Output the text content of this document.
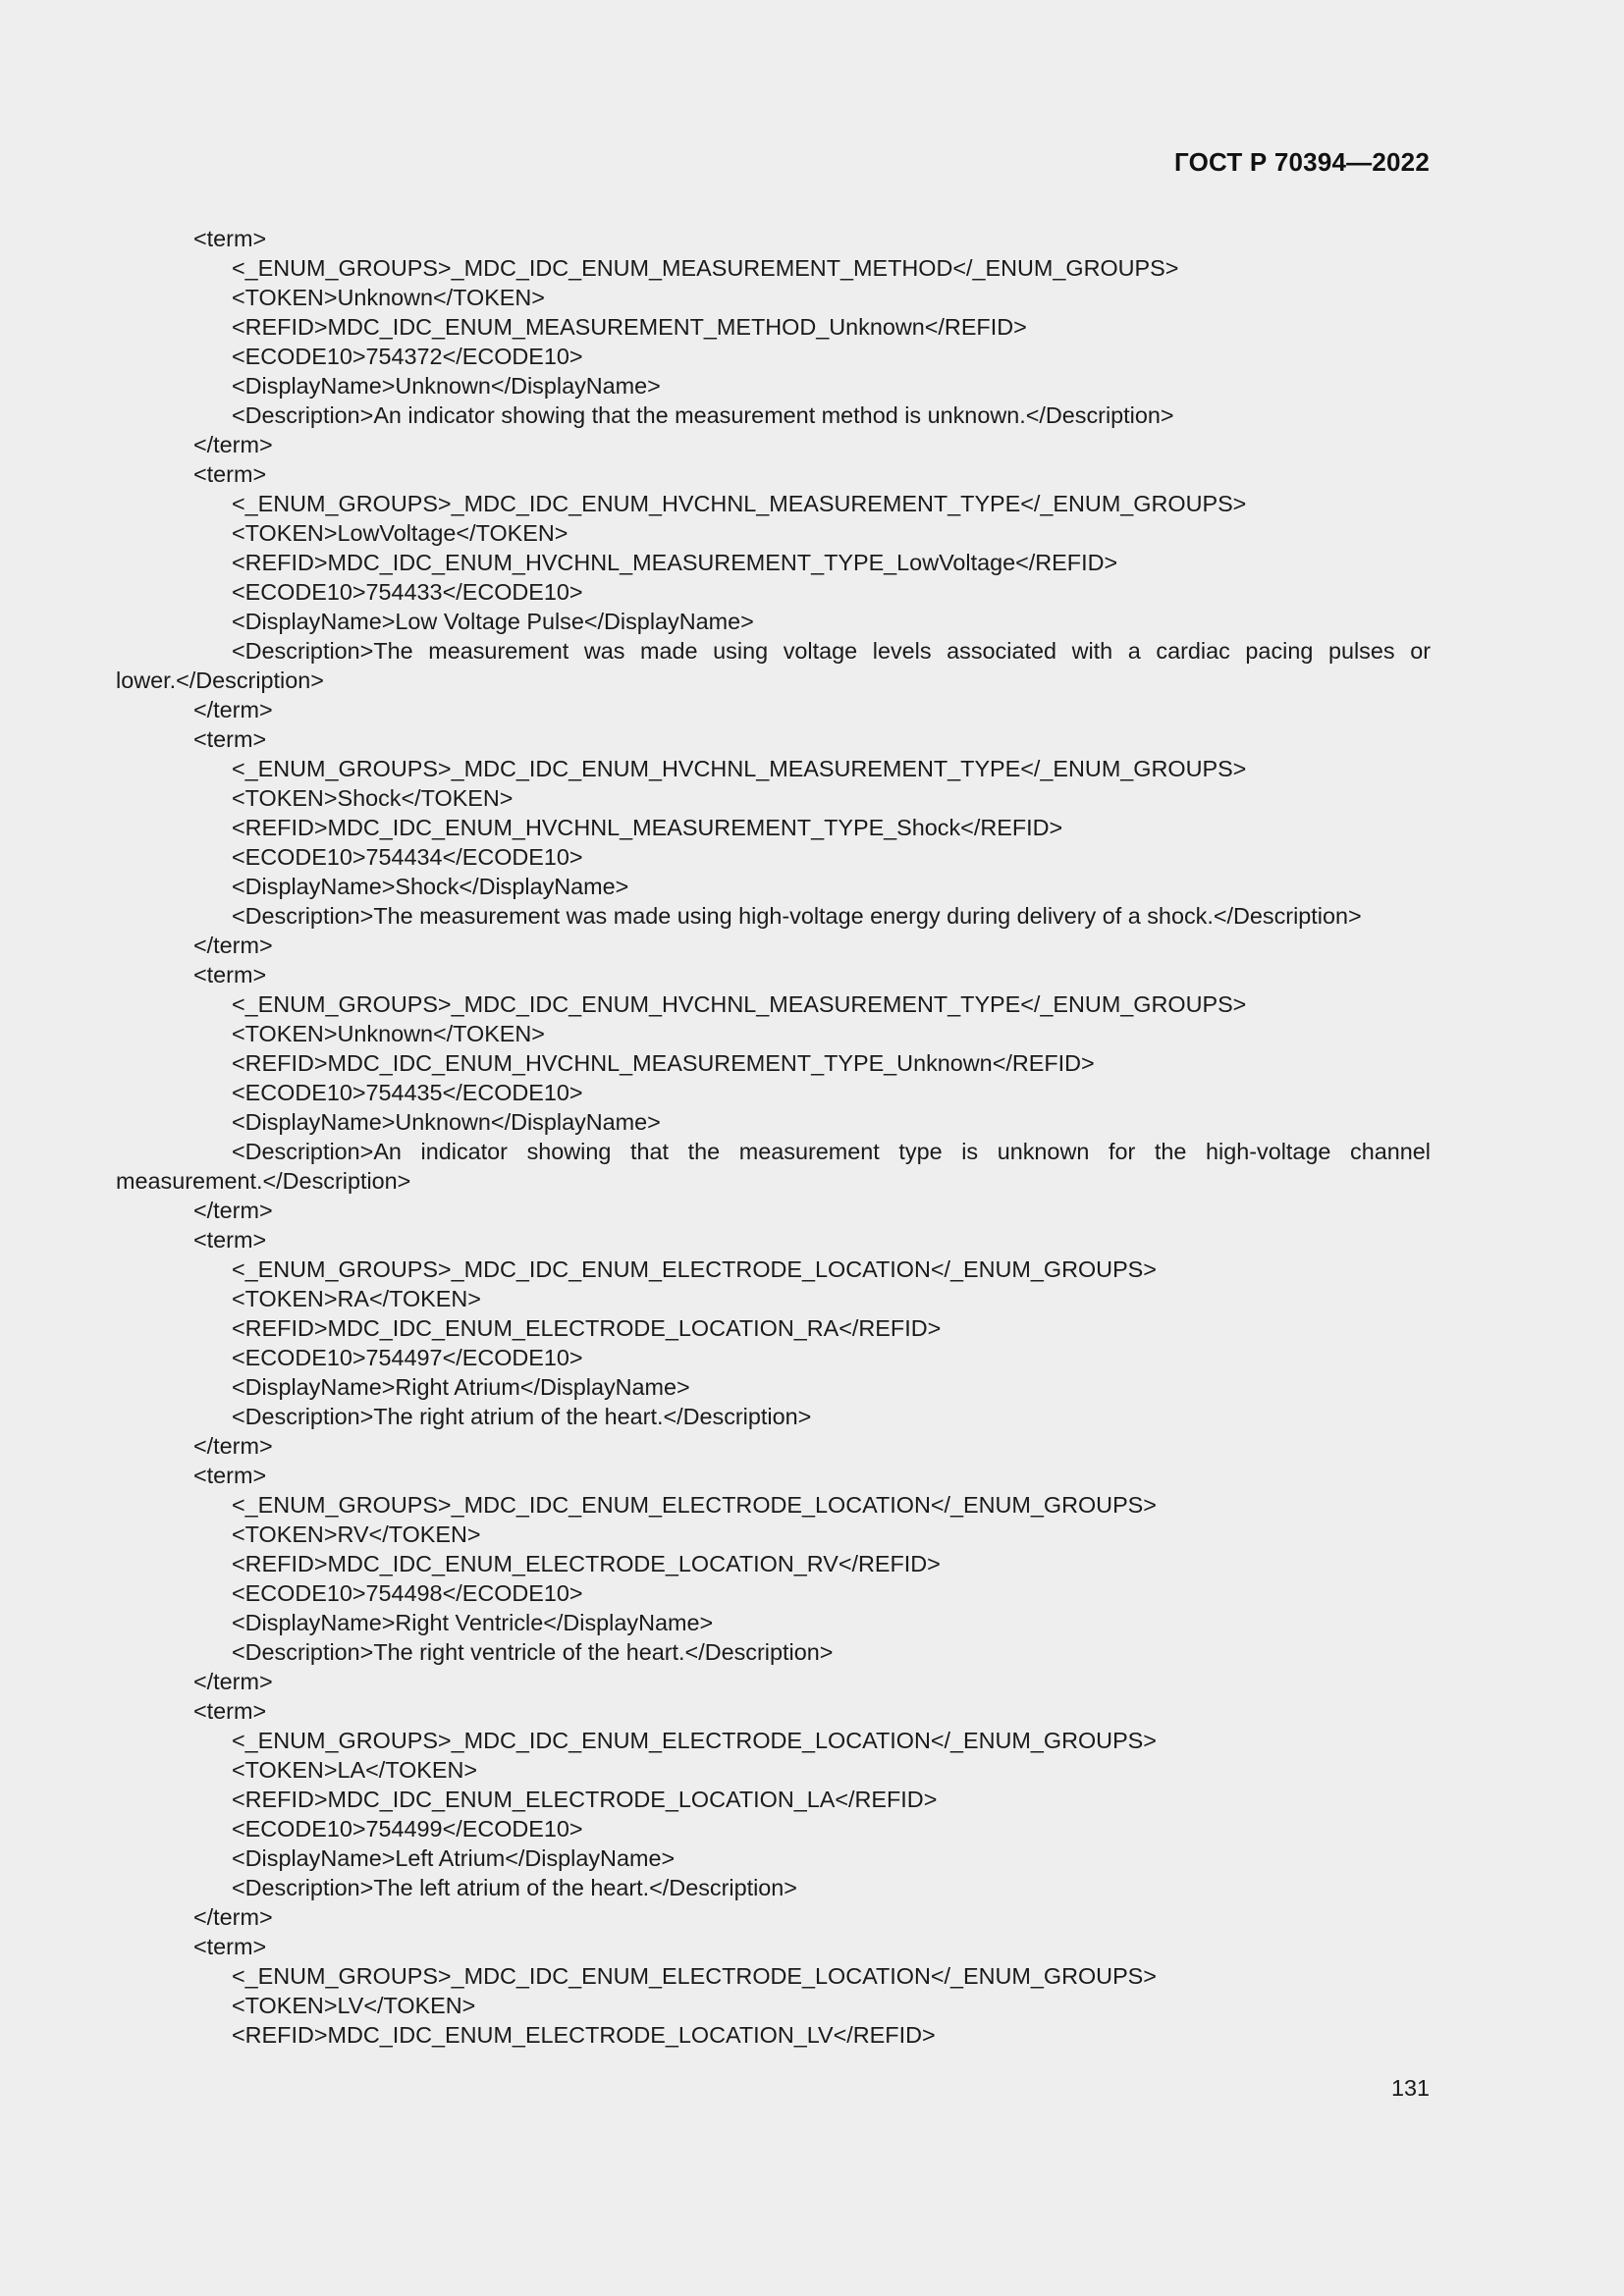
ГОСТ Р 70394—2022
<term>
<_ENUM_GROUPS>_MDC_IDC_ENUM_MEASUREMENT_METHOD</_ENUM_GROUPS>
<TOKEN>Unknown</TOKEN>
<REFID>MDC_IDC_ENUM_MEASUREMENT_METHOD_Unknown</REFID>
<ECODE10>754372</ECODE10>
<DisplayName>Unknown</DisplayName>
<Description>An indicator showing that the measurement method is unknown.</Description>
</term>
<term>
<_ENUM_GROUPS>_MDC_IDC_ENUM_HVCHNL_MEASUREMENT_TYPE</_ENUM_GROUPS>
<TOKEN>LowVoltage</TOKEN>
<REFID>MDC_IDC_ENUM_HVCHNL_MEASUREMENT_TYPE_LowVoltage</REFID>
<ECODE10>754433</ECODE10>
<DisplayName>Low Voltage Pulse</DisplayName>
<Description>The measurement was made using voltage levels associated with a cardiac pacing pulses or
lower.</Description>
</term>
<term>
<_ENUM_GROUPS>_MDC_IDC_ENUM_HVCHNL_MEASUREMENT_TYPE</_ENUM_GROUPS>
<TOKEN>Shock</TOKEN>
<REFID>MDC_IDC_ENUM_HVCHNL_MEASUREMENT_TYPE_Shock</REFID>
<ECODE10>754434</ECODE10>
<DisplayName>Shock</DisplayName>
<Description>The measurement was made using high-voltage energy during delivery of a shock.</Description>
</term>
<term>
<_ENUM_GROUPS>_MDC_IDC_ENUM_HVCHNL_MEASUREMENT_TYPE</_ENUM_GROUPS>
<TOKEN>Unknown</TOKEN>
<REFID>MDC_IDC_ENUM_HVCHNL_MEASUREMENT_TYPE_Unknown</REFID>
<ECODE10>754435</ECODE10>
<DisplayName>Unknown</DisplayName>
<Description>An indicator showing that the measurement type is unknown for the high-voltage channel
measurement.</Description>
</term>
<term>
<_ENUM_GROUPS>_MDC_IDC_ENUM_ELECTRODE_LOCATION</_ENUM_GROUPS>
<TOKEN>RA</TOKEN>
<REFID>MDC_IDC_ENUM_ELECTRODE_LOCATION_RA</REFID>
<ECODE10>754497</ECODE10>
<DisplayName>Right Atrium</DisplayName>
<Description>The right atrium of the heart.</Description>
</term>
<term>
<_ENUM_GROUPS>_MDC_IDC_ENUM_ELECTRODE_LOCATION</_ENUM_GROUPS>
<TOKEN>RV</TOKEN>
<REFID>MDC_IDC_ENUM_ELECTRODE_LOCATION_RV</REFID>
<ECODE10>754498</ECODE10>
<DisplayName>Right Ventricle</DisplayName>
<Description>The right ventricle of the heart.</Description>
</term>
<term>
<_ENUM_GROUPS>_MDC_IDC_ENUM_ELECTRODE_LOCATION</_ENUM_GROUPS>
<TOKEN>LA</TOKEN>
<REFID>MDC_IDC_ENUM_ELECTRODE_LOCATION_LA</REFID>
<ECODE10>754499</ECODE10>
<DisplayName>Left Atrium</DisplayName>
<Description>The left atrium of the heart.</Description>
</term>
<term>
<_ENUM_GROUPS>_MDC_IDC_ENUM_ELECTRODE_LOCATION</_ENUM_GROUPS>
<TOKEN>LV</TOKEN>
<REFID>MDC_IDC_ENUM_ELECTRODE_LOCATION_LV</REFID>
131
